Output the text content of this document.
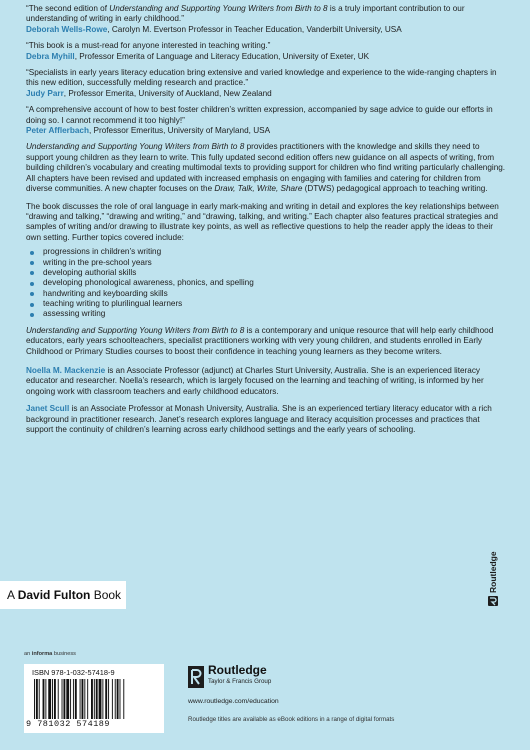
“The second edition of Understanding and Supporting Young Writers from Birth to 8 is a truly important contribution to our understanding of writing in early childhood.”
Deborah Wells-Rowe, Carolyn M. Evertson Professor in Teacher Education, Vanderbilt University, USA
“This book is a must-read for anyone interested in teaching writing.”
Debra Myhill, Professor Emerita of Language and Literacy Education, University of Exeter, UK
“Specialists in early years literacy education bring extensive and varied knowledge and experience to the wide-ranging chapters in this new edition, successfully melding research and practice.”
Judy Parr, Professor Emerita, University of Auckland, New Zealand
“A comprehensive account of how to best foster children’s written expression, accompanied by sage advice to guide our efforts in doing so. I cannot recommend it too highly!”
Peter Afflerbach, Professor Emeritus, University of Maryland, USA

Understanding and Supporting Young Writers from Birth to 8 provides practitioners with the knowledge and skills they need to support young children as they learn to write. This fully updated second edition offers new guidance on all aspects of writing, from building children’s vocabulary and creating multimodal texts to providing support for children who find writing particularly challenging. All chapters have been revised and updated with increased emphasis on engaging with families and catering for children from diverse communities. A new chapter focuses on the Draw, Talk, Write, Share (DTWS) pedagogical approach to teaching writing.

The book discusses the role of oral language in early mark-making and writing in detail and explores the key relationships between “drawing and talking,” “drawing and writing,” and “drawing, talking, and writing.” Each chapter also features practical strategies and samples of writing and/or drawing to illustrate key points, as well as reflective questions to help the reader apply the ideas to their own setting. Further topics covered include:

progressions in children’s writing
writing in the pre-school years
developing authorial skills
developing phonological awareness, phonics, and spelling
handwriting and keyboarding skills
teaching writing to plurilingual learners
assessing writing

Understanding and Supporting Young Writers from Birth to 8 is a contemporary and unique resource that will help early childhood educators, early years schoolteachers, specialist practitioners working with very young children, and students enrolled in Early Childhood or Primary Studies courses to boost their confidence in teaching young learners as they become writers.

Noella M. Mackenzie is an Associate Professor (adjunct) at Charles Sturt University, Australia. She is an experienced literacy educator and researcher. Noella’s research, which is largely focused on the learning and teaching of writing, is informed by her ongoing work with classroom teachers and early childhood educators.

Janet Scull is an Associate Professor at Monash University, Australia. She is an experienced tertiary literacy educator with a rich background in practitioner research. Janet’s research explores language and literacy acquisition processes and practices that support the continuity of children’s learning across early childhood settings and the early years of schooling.

A David Fulton Book
Routledge
an informa business
ISBN 978-1-032-57418-9
9 781032 574189
Routledge
Taylor & Francis Group
www.routledge.com/education
Routledge titles are available as eBook editions in a range of digital formats
